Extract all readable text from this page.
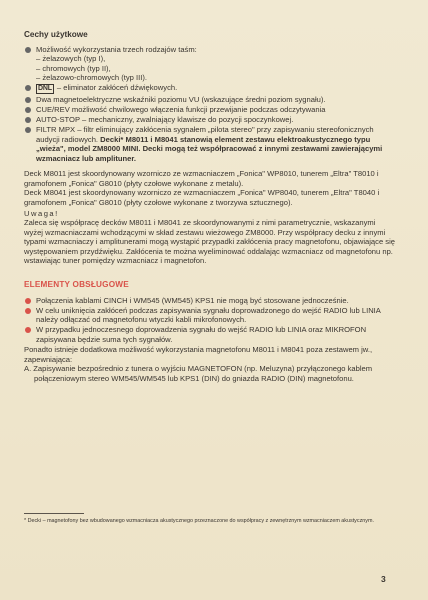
Cechy użytkowe
Możliwość wykorzystania trzech rodzajów taśm:
– żelazowych (typ I),
– chromowych (typ II),
– żelazowo-chromowych (typ III).
DNL – eliminator zakłóceń dźwiękowych.
Dwa magnetoelektryczne wskaźniki poziomu VU (wskazujące średni poziom sygnału).
CUE/REV możliwość chwilowego włączenia funkcji przewijanie podczas odczytywania
AUTO-STOP – mechaniczny, zwalniający klawisze do pozycji spoczynkowej.
FILTR MPX – filtr eliminujący zakłócenia sygnałem „pilota stereo" przy zapisywaniu stereofonicznych audycji radiowych. Decki* M8011 i M8041 stanowią element zestawu elektroakustycznego typu „wieża", model ZM8000 MINI. Decki mogą też współpracować z innymi zestawami zawierającymi wzmacniacz lub amplituner.

Deck M8011 jest skoordynowany wzorniczo ze wzmacniaczem „Fonica" WP8010, tunerem „Eltra" T8010 i gramofonem „Fonica" G8010 (płyty czołowe wykonane z metalu).

Deck M8041 jest skoordynowany wzorniczo ze wzmacniaczem „Fonica" WP8040, tunerem „Eltra" T8040 i gramofonem „Fonica" G8010 (płyty czołowe wykonane z tworzywa sztucznego).

Uwaga!

Zaleca się współpracę decków M8011 i M8041 ze skoordynowanymi z nimi parametrycznie, wskazanymi wyżej wzmacniaczami wchodzącymi w skład zestawu wieżowego ZM8000. Przy współpracy decku z innymi typami wzmacniaczy i amplitunerami mogą wystąpić przypadki zakłócenia pracy magnetofonu, objawiające się występowaniem przydźwięku. Zakłócenia te można wyeliminować oddalając wzmacniacz od magnetofonu np. wstawiając tuner pomiędzy wzmacniacz i magnetofon.

ELEMENTY OBSŁUGOWE
Połączenia kablami CINCH i WM545 (WM545) KPS1 nie mogą być stosowane jednocześnie.
W celu uniknięcia zakłóceń podczas zapisywania sygnału doprowadzonego do wejść RADIO lub LINIA należy odłączać od magnetofonu wtyczki kabli mikrofonowych.
W przypadku jednoczesnego doprowadzenia sygnału do wejść RADIO lub LINIA oraz MIKROFON zapisywana będzie suma tych sygnałów.

Ponadto istnieje dodatkowa możliwość wykorzystania magnetofonu M8011 i M8041 poza zestawem jw., zapewniająca:

A. Zapisywanie bezpośrednio z tunera o wyjściu MAGNETOFON (np. Meluzyna) przyłączonego kablem połączeniowym stereo WM545/WM545 lub KPS1 (DIN) do gniazda RADIO (DIN) magnetofonu.

* Decki – magnetofony bez wbudowanego wzmacniacza akustycznego przeznaczone do współpracy z zewnętrznym wzmacniaczem akustycznym.
3
